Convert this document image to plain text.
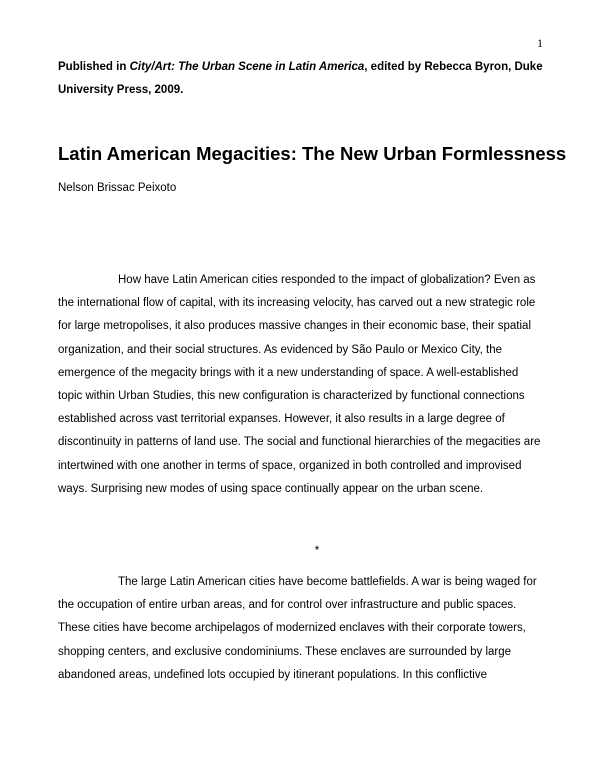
1
Published in City/Art: The Urban Scene in Latin America, edited by Rebecca Byron, Duke University Press, 2009.
Latin American Megacities: The New Urban Formlessness
Nelson Brissac Peixoto

How have Latin American cities responded to the impact of globalization? Even as the international flow of capital, with its increasing velocity, has carved out a new strategic role for large metropolises, it also produces massive changes in their economic base, their spatial organization, and their social structures. As evidenced by São Paulo or Mexico City, the emergence of the megacity brings with it a new understanding of space. A well-established topic within Urban Studies, this new configuration is characterized by functional connections established across vast territorial expanses. However, it also results in a large degree of discontinuity in patterns of land use. The social and functional hierarchies of the megacities are intertwined with one another in terms of space, organized in both controlled and improvised ways. Surprising new modes of using space continually appear on the urban scene.

*

The large Latin American cities have become battlefields. A war is being waged for the occupation of entire urban areas, and for control over infrastructure and public spaces. These cities have become archipelagos of modernized enclaves with their corporate towers, shopping centers, and exclusive condominiums. These enclaves are surrounded by large abandoned areas, undefined lots occupied by itinerant populations. In this conflictive
